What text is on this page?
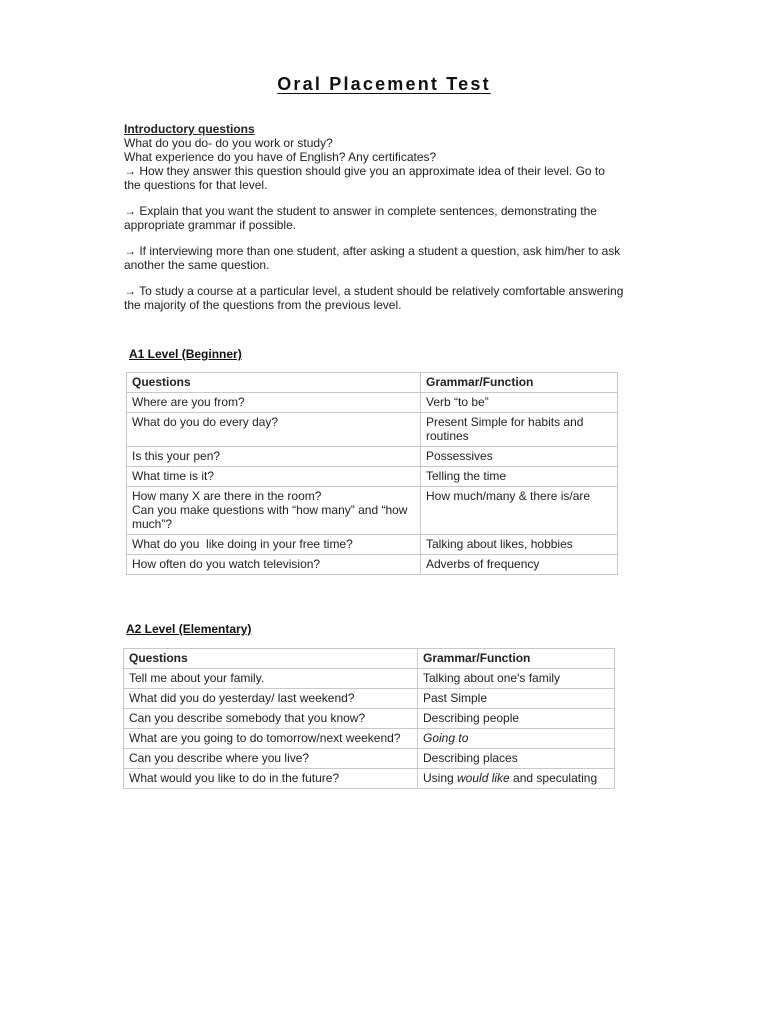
Oral Placement Test

Introductory questions

What do you do- do you work or study?

What experience do you have of English? Any certificates?

→ How they answer this question should give you an approximate idea of their level. Go to the questions for that level.

→ Explain that you want the student to answer in complete sentences, demonstrating the appropriate grammar if possible.

→ If interviewing more than one student, after asking a student a question, ask him/her to ask another the same question.

→ To study a course at a particular level, a student should be relatively comfortable answering the majority of the questions from the previous level.

A1 Level (Beginner)
Questions	Grammar/Function
Where are you from?	Verb “to be”
What do you do every day?	Present Simple for habits and routines
Is this your pen?	Possessives
What time is it?	Telling the time

How many X are there in the room?
Can you make questions with “how many” and “how much”?	How much/many & there is/are
What do you  like doing in your free time?	Talking about likes, hobbies
How often do you watch television?	Adverbs of frequency
A2 Level (Elementary)
Questions	Grammar/Function
Tell me about your family.	Talking about one's family
What did you do yesterday/ last weekend?	Past Simple
Can you describe somebody that you know?	Describing people
What are you going to do tomorrow/next weekend?	Going to
Can you describe where you live?	Describing places
What would you like to do in the future?	Using would like and speculating
